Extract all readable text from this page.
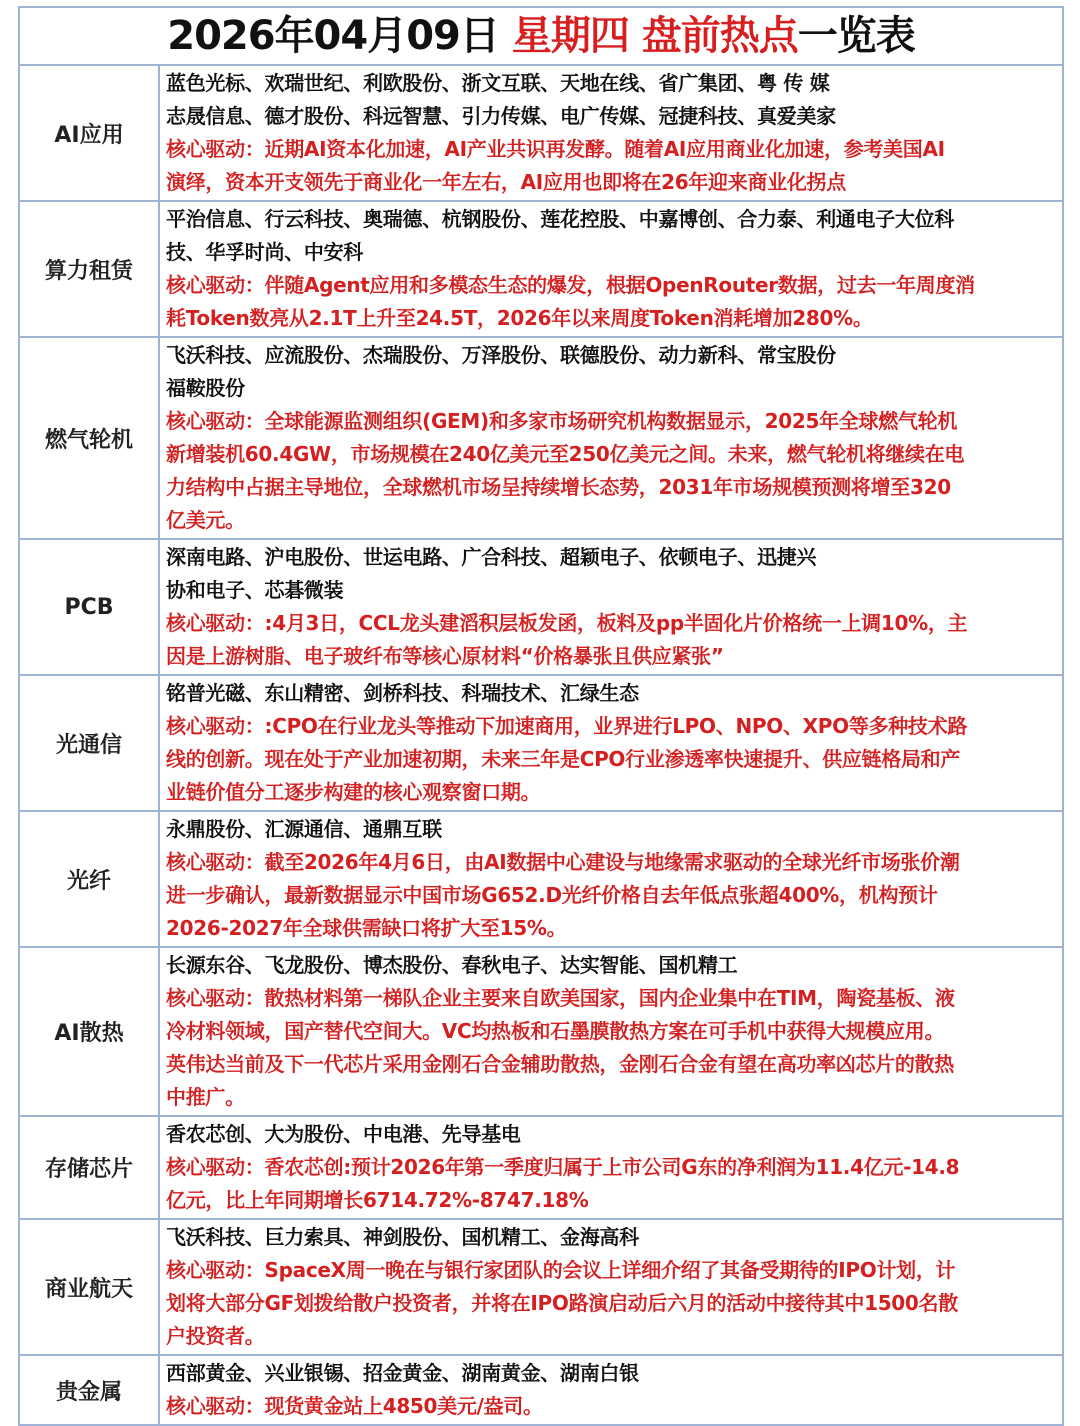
2026年04月09日 星期四 盘前热点一览表
AI应用
蓝色光标、欢瑞世纪、利欧股份、浙文互联、天地在线、省广集团、粤 传 媒
志晟信息、德才股份、科远智慧、引力传媒、电广传媒、冠捷科技、真爱美家
核心驱动：近期AI资本化加速，AI产业共识再发酵。随着AI应用商业化加速，参考美国AI
演绎，资本开支领先于商业化一年左右，AI应用也即将在26年迎来商业化拐点
算力租赁
平治信息、行云科技、奥瑞德、杭钢股份、莲花控股、中嘉博创、合力泰、利通电子大位科
技、华孚时尚、中安科
核心驱动：伴随Agent应用和多模态生态的爆发，根据OpenRouter数据，过去一年周度消
耗Token数亮从2.1T上升至24.5T，2026年以来周度Token消耗增加280%。
燃气轮机
飞沃科技、应流股份、杰瑞股份、万泽股份、联德股份、动力新科、常宝股份
福鞍股份
核心驱动：全球能源监测组织(GEM)和多家市场研究机构数据显示，2025年全球燃气轮机
新增装机60.4GW，市场规模在240亿美元至250亿美元之间。未来，燃气轮机将继续在电
力结构中占据主导地位，全球燃机市场呈持续增长态势，2031年市场规模预测将增至320
亿美元。
PCB
深南电路、沪电股份、世运电路、广合科技、超颖电子、依顿电子、迅捷兴
协和电子、芯碁微装
核心驱动：:4月3日，CCL龙头建滔积层板发函，板料及pp半固化片价格统一上调10%，主
因是上游树脂、电子玻纤布等核心原材料“价格暴张且供应紧张”
光通信
铭普光磁、东山精密、剑桥科技、科瑞技术、汇绿生态
核心驱动：:CPO在行业龙头等推动下加速商用，业界进行LPO、NPO、XPO等多种技术路
线的创新。现在处于产业加速初期，未来三年是CPO行业渗透率快速提升、供应链格局和产
业链价值分工逐步构建的核心观察窗口期。
光纤
永鼎股份、汇源通信、通鼎互联
核心驱动：截至2026年4月6日，由AI数据中心建设与地缘需求驱动的全球光纤市场张价潮
进一步确认，最新数据显示中国市场G652.D光纤价格自去年低点张超400%，机构预计
2026-2027年全球供需缺口将扩大至15%。
AI散热
长源东谷、飞龙股份、博杰股份、春秋电子、达实智能、国机精工
核心驱动：散热材料第一梯队企业主要来自欧美国家，国内企业集中在TIM，陶瓷基板、液
冷材料领域，国产替代空间大。VC均热板和石墨膜散热方案在可手机中获得大规模应用。
英伟达当前及下一代芯片采用金刚石合金辅助散热，金刚石合金有望在高功率凶芯片的散热
中推广。
存储芯片
香农芯创、大为股份、中电港、先导基电
核心驱动：香农芯创:预计2026年第一季度归属于上市公司G东的净利润为11.4亿元-14.8
亿元，比上年同期增长6714.72%-8747.18%
商业航天
飞沃科技、巨力索具、神剑股份、国机精工、金海高科
核心驱动：SpaceX周一晚在与银行家团队的会议上详细介绍了其备受期待的IPO计划，计
划将大部分GF划拨给散户投资者，并将在IPO路演启动后六月的活动中接待其中1500名散
户投资者。
贵金属
西部黄金、兴业银锡、招金黄金、湖南黄金、湖南白银
核心驱动：现货黄金站上4850美元/盎司。
